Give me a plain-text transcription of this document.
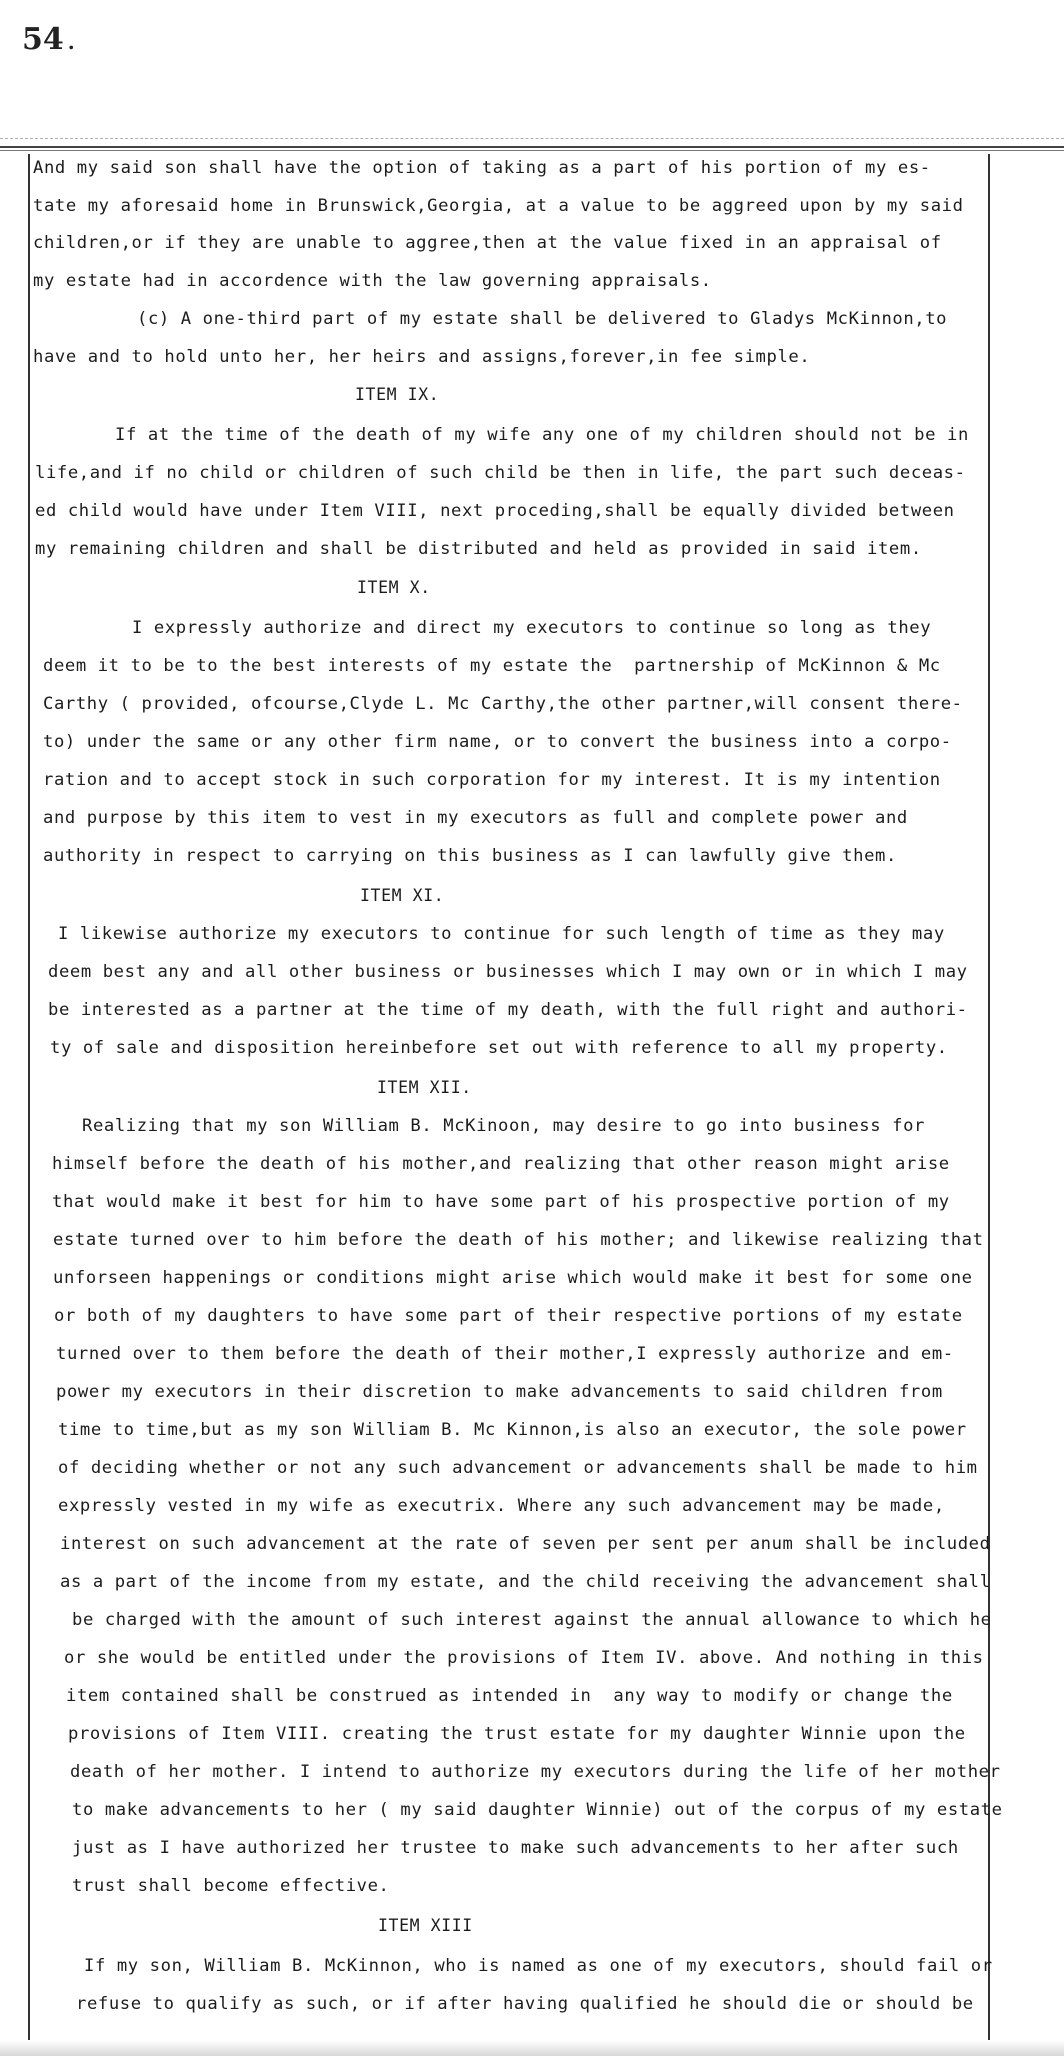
54 .
And my said son shall have the option of taking as a part of his portion of my es-
tate my aforesaid home in Brunswick,Georgia, at a value to be aggreed upon by my said
children,or if they are unable to aggree,then at the value fixed in an appraisal of
my estate had in accordence with the law governing appraisals.
(c) A one-third part of my estate shall be delivered to Gladys McKinnon,to
have and to hold unto her, her heirs and assigns,forever,in fee simple.
ITEM IX.
If at the time of the death of my wife any one of my children should not be in
life,and if no child or children of such child be then in life, the part such deceas-
ed child would have under Item VIII, next proceding,shall be equally divided between
my remaining children and shall be distributed and held as provided in said item.
ITEM X.
I expressly authorize and direct my executors to continue so long as they
deem it to be to the best interests of my estate the  partnership of McKinnon & Mc
Carthy ( provided, ofcourse,Clyde L. Mc Carthy,the other partner,will consent there-
to) under the same or any other firm name, or to convert the business into a corpo-
ration and to accept stock in such corporation for my interest. It is my intention
and purpose by this item to vest in my executors as full and complete power and
authority in respect to carrying on this business as I can lawfully give them.
ITEM XI.
I likewise authorize my executors to continue for such length of time as they may
deem best any and all other business or businesses which I may own or in which I may
be interested as a partner at the time of my death, with the full right and authori-
ty of sale and disposition hereinbefore set out with reference to all my property.
ITEM XII.
Realizing that my son William B. McKinoon, may desire to go into business for
himself before the death of his mother,and realizing that other reason might arise
that would make it best for him to have some part of his prospective portion of my
estate turned over to him before the death of his mother; and likewise realizing that
unforseen happenings or conditions might arise which would make it best for some one
or both of my daughters to have some part of their respective portions of my estate
turned over to them before the death of their mother,I expressly authorize and em-
power my executors in their discretion to make advancements to said children from
time to time,but as my son William B. Mc Kinnon,is also an executor, the sole power
of deciding whether or not any such advancement or advancements shall be made to him
expressly vested in my wife as executrix. Where any such advancement may be made,
interest on such advancement at the rate of seven per sent per anum shall be included
as a part of the income from my estate, and the child receiving the advancement shall
be charged with the amount of such interest against the annual allowance to which he
or she would be entitled under the provisions of Item IV. above. And nothing in this
item contained shall be construed as intended in  any way to modify or change the
provisions of Item VIII. creating the trust estate for my daughter Winnie upon the
death of her mother. I intend to authorize my executors during the life of her mother
to make advancements to her ( my said daughter Winnie) out of the corpus of my estate
just as I have authorized her trustee to make such advancements to her after such
trust shall become effective.
ITEM XIII
If my son, William B. McKinnon, who is named as one of my executors, should fail or
refuse to qualify as such, or if after having qualified he should die or should be
